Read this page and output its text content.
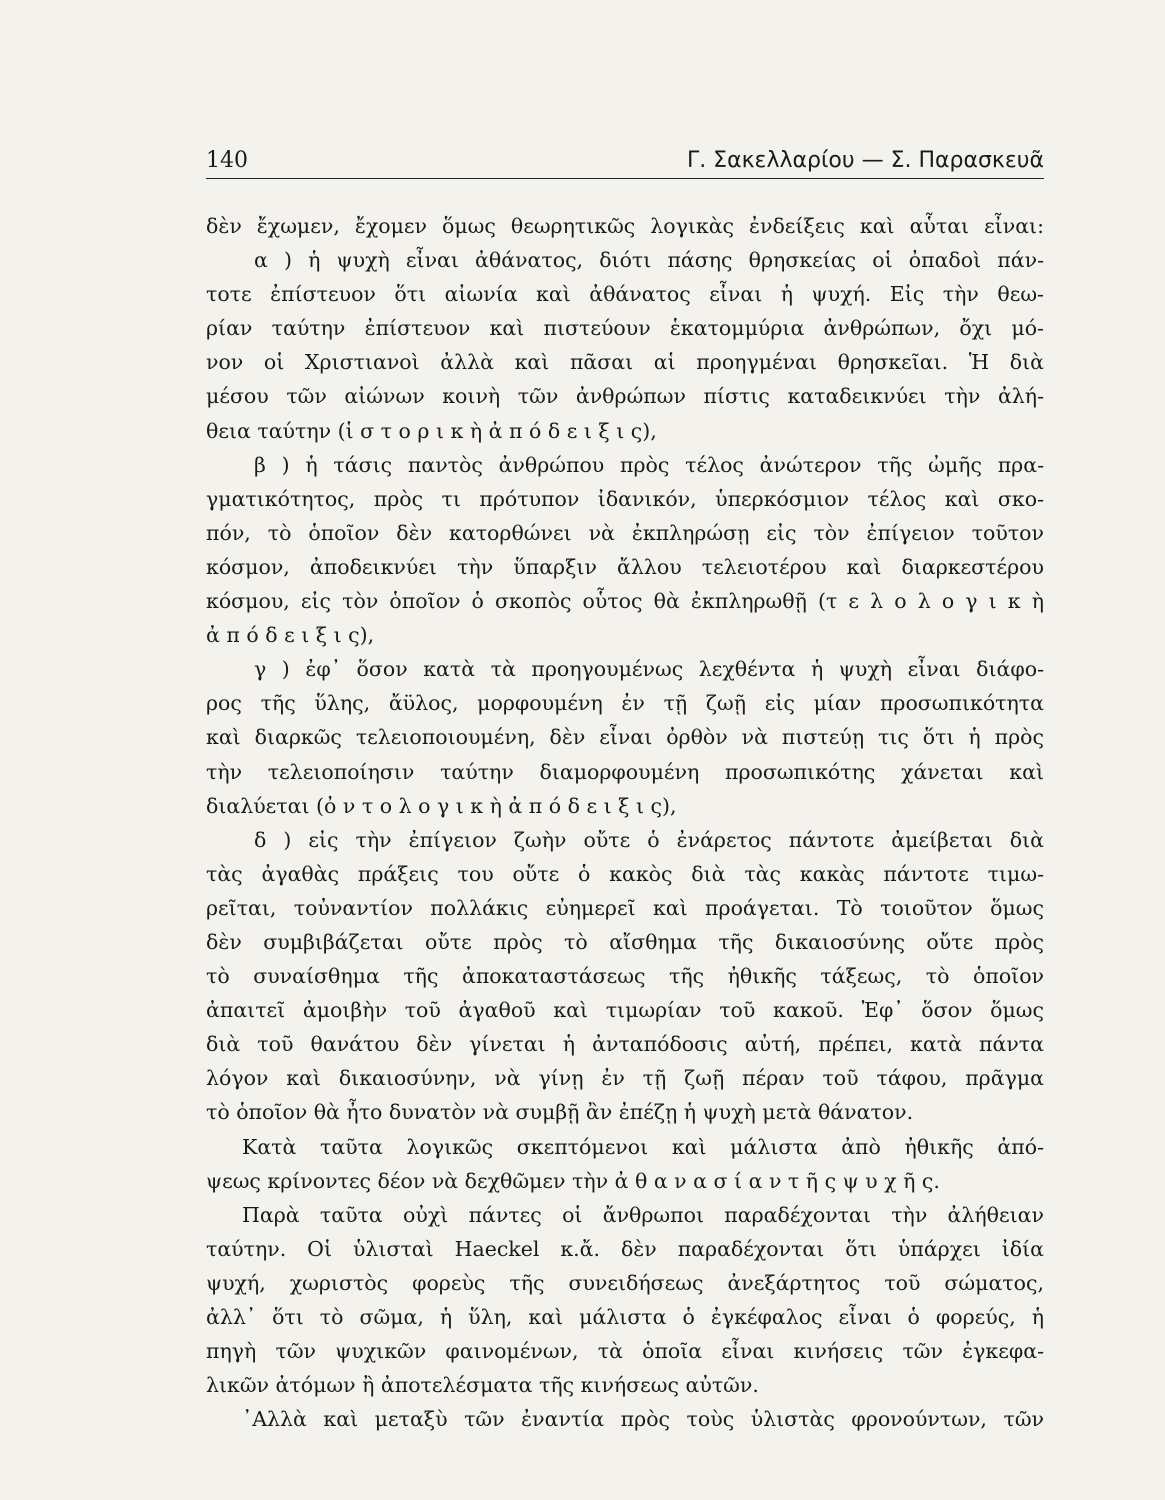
140	Γ. Σακελλαρίου — Σ. Παρασκευᾶ
δὲν ἔχωμεν, ἔχομεν ὅμως θεωρητικῶς λογικὰς ἐνδείξεις καὶ αὗται εἶναι:
α ) ἡ ψυχὴ εἶναι ἀθάνατος, διότι πάσης θρησκείας οἱ ὀπαδοὶ πάν-
τοτε ἐπίστευον ὅτι αἰωνία καὶ ἀθάνατος εἶναι ἡ ψυχή. Εἰς τὴν θεω-
ρίαν ταύτην ἐπίστευον καὶ πιστεύουν ἑκατομμύρια ἀνθρώπων, ὄχι μό-
νον οἱ Χριστιανοὶ ἀλλὰ καὶ πᾶσαι αἱ προηγμέναι θρησκεῖαι. Ἡ διὰ
μέσου τῶν αἰώνων κοινὴ τῶν ἀνθρώπων πίστις καταδεικνύει τὴν ἀλή-
θεια ταύτην (ἱ σ τ ο ρ ι κ ὴ ἀ π ό δ ε ι ξ ι ς),
β ) ἡ τάσις παντὸς ἀνθρώπου πρὸς τέλος ἀνώτερον τῆς ὠμῆς πρα-
γματικότητος, πρὸς τι πρότυπον ἰδανικόν, ὑπερκόσμιον τέλος καὶ σκο-
πόν, τὸ ὁποῖον δὲν κατορθώνει νὰ ἐκπληρώσῃ εἰς τὸν ἐπίγειον τοῦτον
κόσμον, ἀποδεικνύει τὴν ὕπαρξιν ἄλλου τελειοτέρου καὶ διαρκεστέρου
κόσμου, εἰς τὸν ὁποῖον ὁ σκοπὸς οὗτος θὰ ἐκπληρωθῇ (τ ε λ ο λ ο γ ι κ ὴ
ἀ π ό δ ε ι ξ ι ς),
γ ) ἐφ᾽ ὅσον κατὰ τὰ προηγουμένως λεχθέντα ἡ ψυχὴ εἶναι διάφο-
ρος τῆς ὕλης, ἄϋλος, μορφουμένη ἐν τῇ ζωῇ εἰς μίαν προσωπικότητα
καὶ διαρκῶς τελειοποιουμένη, δὲν εἶναι ὀρθὸν νὰ πιστεύῃ τις ὅτι ἡ πρὸς
τὴν τελειοποίησιν ταύτην διαμορφουμένη προσωπικότης χάνεται καὶ
διαλύεται (ὀ ν τ ο λ ο γ ι κ ὴ ἀ π ό δ ε ι ξ ι ς),
δ ) εἰς τὴν ἐπίγειον ζωὴν οὔτε ὁ ἐνάρετος πάντοτε ἀμείβεται διὰ
τὰς ἀγαθὰς πράξεις του οὔτε ὁ κακὸς διὰ τὰς κακὰς πάντοτε τιμω-
ρεῖται, τοὐναντίον πολλάκις εὐημερεῖ καὶ προάγεται. Τὸ τοιοῦτον ὅμως
δὲν συμβιβάζεται οὔτε πρὸς τὸ αἴσθημα τῆς δικαιοσύνης οὔτε πρὸς
τὸ συναίσθημα τῆς ἀποκαταστάσεως τῆς ἠθικῆς τάξεως, τὸ ὁποῖον
ἀπαιτεῖ ἀμοιβὴν τοῦ ἀγαθοῦ καὶ τιμωρίαν τοῦ κακοῦ. Ἐφ᾽ ὅσον ὅμως
διὰ τοῦ θανάτου δὲν γίνεται ἡ ἀνταπόδοσις αὐτή, πρέπει, κατὰ πάντα
λόγον καὶ δικαιοσύνην, νὰ γίνῃ ἐν τῇ ζωῇ πέραν τοῦ τάφου, πρᾶγμα
τὸ ὁποῖον θὰ ἦτο δυνατὸν νὰ συμβῇ ἂν ἐπέζῃ ἡ ψυχὴ μετὰ θάνατον.
Κατὰ ταῦτα λογικῶς σκεπτόμενοι καὶ μάλιστα ἀπὸ ἠθικῆς ἀπό-
ψεως κρίνοντες δέον νὰ δεχθῶμεν τὴν ἀ θ α ν α σ ί α ν τ ῆ ς ψ υ χ ῆ ς.
Παρὰ ταῦτα οὐχὶ πάντες οἱ ἄνθρωποι παραδέχονται τὴν ἀλήθειαν
ταύτην. Οἱ ὑλισταὶ Haeckel κ.ἄ. δὲν παραδέχονται ὅτι ὑπάρχει ἰδία
ψυχή, χωριστὸς φορεὺς τῆς συνειδήσεως ἀνεξάρτητος τοῦ σώματος,
ἀλλ᾽ ὅτι τὸ σῶμα, ἡ ὕλη, καὶ μάλιστα ὁ ἐγκέφαλος εἶναι ὁ φορεύς, ἡ
πηγὴ τῶν ψυχικῶν φαινομένων, τὰ ὁποῖα εἶναι κινήσεις τῶν ἐγκεφα-
λικῶν ἀτόμων ἢ ἀποτελέσματα τῆς κινήσεως αὐτῶν.
᾽Αλλὰ καὶ μεταξὺ τῶν ἐναντία πρὸς τοὺς ὑλιστὰς φρονούντων, τῶν
